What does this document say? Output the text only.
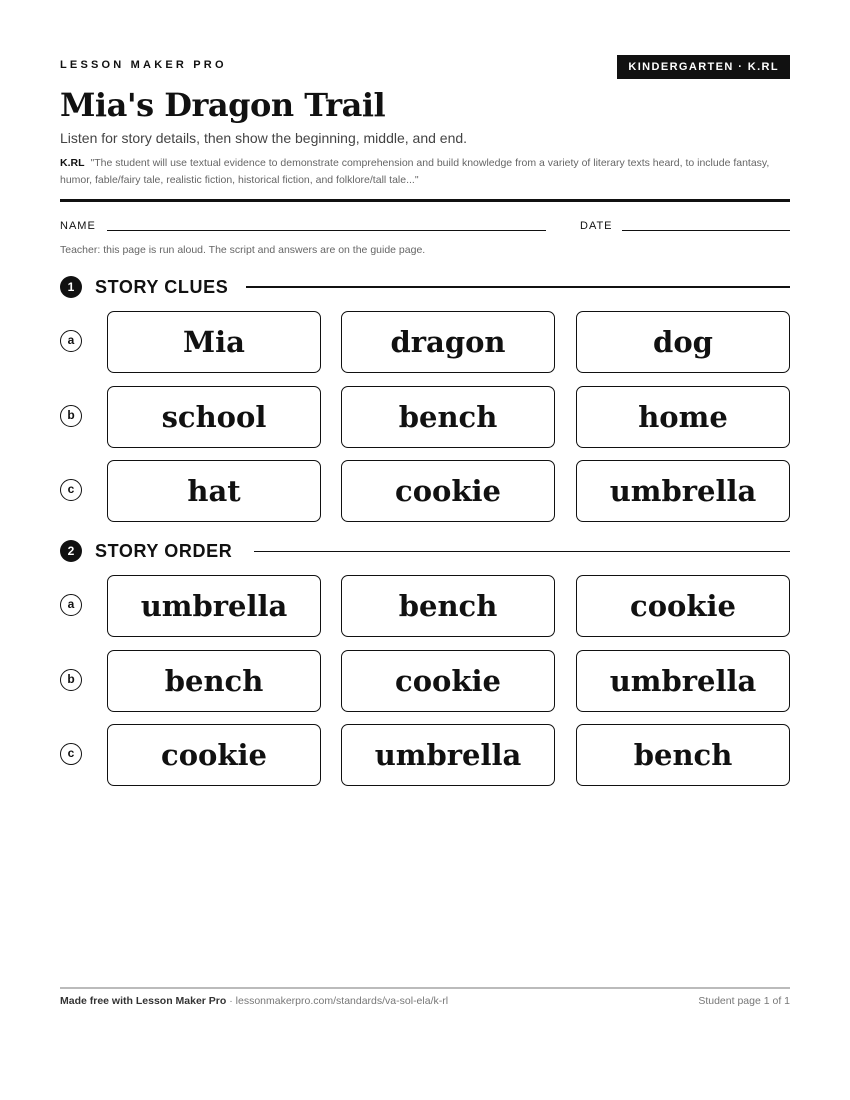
LESSON MAKER PRO	KINDERGARTEN · K.RL
Mia's Dragon Trail
Listen for story details, then show the beginning, middle, and end.
K.RL "The student will use textual evidence to demonstrate comprehension and build knowledge from a variety of literary texts heard, to include fantasy, humor, fable/fairy tale, realistic fiction, historical fiction, and folklore/tall tale..."
NAME	DATE
Teacher: this page is run aloud. The script and answers are on the guide page.
1	STORY CLUES
a	Mia	dragon	dog
b	school	bench	home
c	hat	cookie	umbrella
2	STORY ORDER
a	umbrella	bench	cookie
b	bench	cookie	umbrella
c	cookie	umbrella	bench
Made free with Lesson Maker Pro · lessonmakerpro.com/standards/va-sol-ela/k-rl	Student page 1 of 1
